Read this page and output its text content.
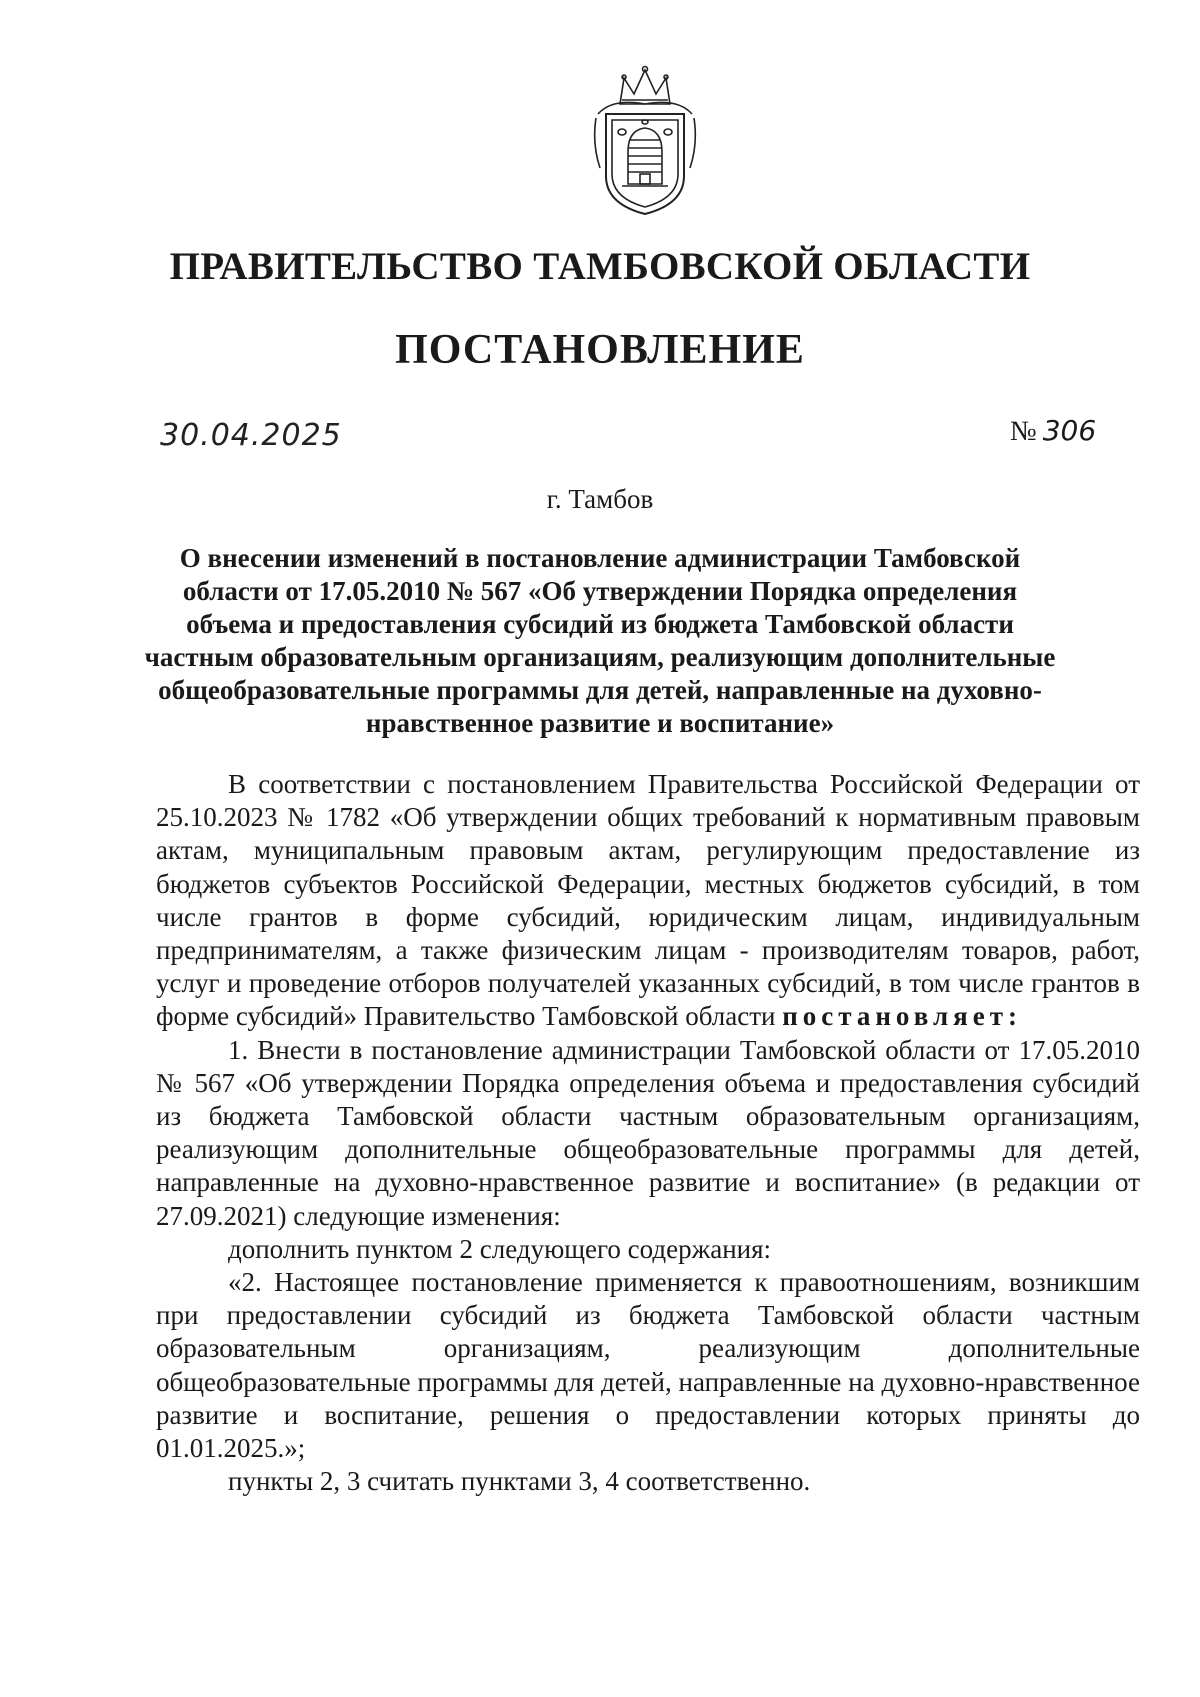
ПРАВИТЕЛЬСТВО ТАМБОВСКОЙ ОБЛАСТИ
ПОСТАНОВЛЕНИЕ
30.04.2025	№ 306
г. Тамбов
О внесении изменений в постановление администрации Тамбовской области от 17.05.2010 № 567 «Об утверждении Порядка определения объема и предоставления субсидий из бюджета Тамбовской области частным образовательным организациям, реализующим дополнительные общеобразовательные программы для детей, направленные на духовно-нравственное развитие и воспитание»

В соответствии с постановлением Правительства Российской Федерации от 25.10.2023 № 1782 «Об утверждении общих требований к нормативным правовым актам, муниципальным правовым актам, регулирующим предоставление из бюджетов субъектов Российской Федерации, местных бюджетов субсидий, в том числе грантов в форме субсидий, юридическим лицам, индивидуальным предпринимателям, а также физическим лицам - производителям товаров, работ, услуг и проведение отборов получателей указанных субсидий, в том числе грантов в форме субсидий» Правительство Тамбовской области постановляет:

1. Внести в постановление администрации Тамбовской области от 17.05.2010 № 567 «Об утверждении Порядка определения объема и предоставления субсидий из бюджета Тамбовской области частным образовательным организациям, реализующим дополнительные общеобразовательные программы для детей, направленные на духовно-нравственное развитие и воспитание» (в редакции от 27.09.2021) следующие изменения:

дополнить пунктом 2 следующего содержания:

«2. Настоящее постановление применяется к правоотношениям, возникшим при предоставлении субсидий из бюджета Тамбовской области частным образовательным организациям, реализующим дополнительные общеобразовательные программы для детей, направленные на духовно-нравственное развитие и воспитание, решения о предоставлении которых приняты до 01.01.2025.»;

пункты 2, 3 считать пунктами 3, 4 соответственно.
